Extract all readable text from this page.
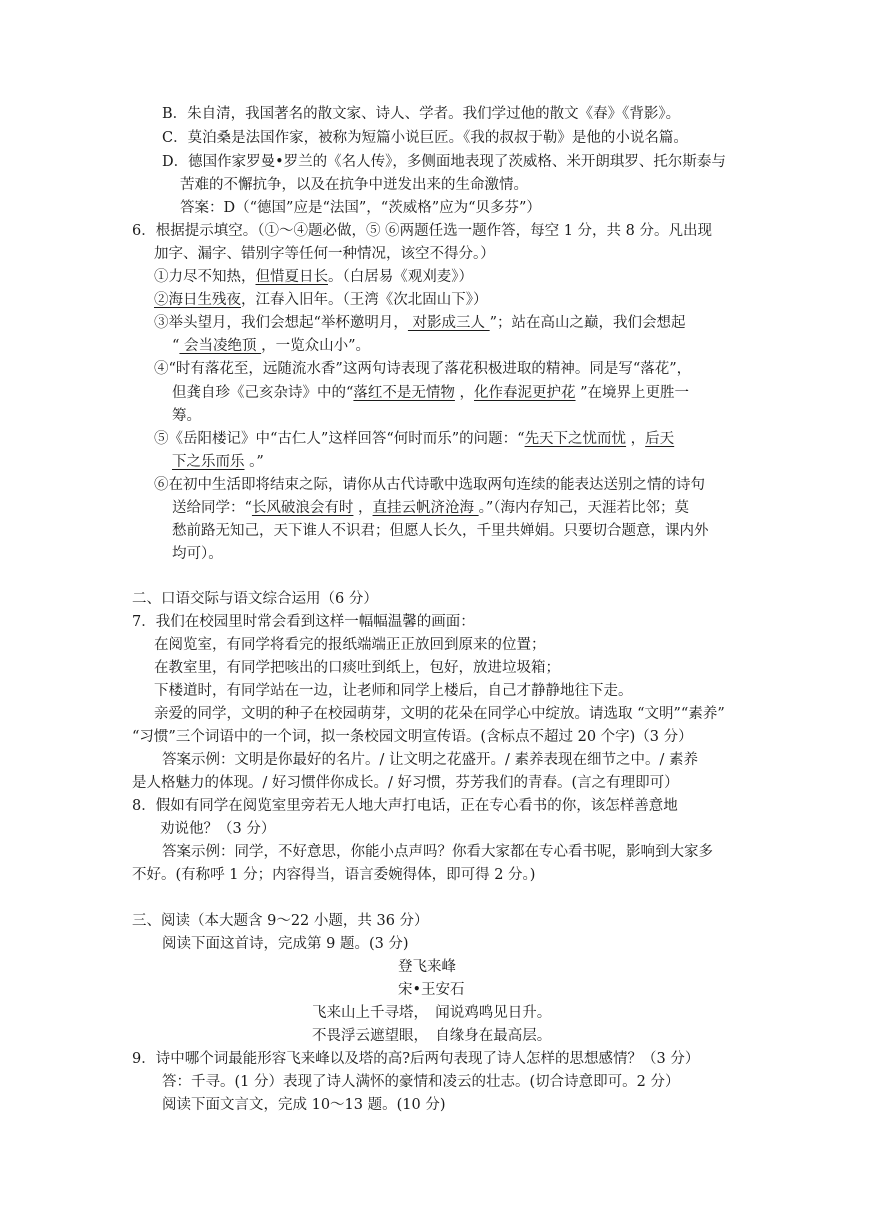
B．朱自清，我国著名的散文家、诗人、学者。我们学过他的散文《春》《背影》。
C．莫泊桑是法国作家，被称为短篇小说巨匠。《我的叔叔于勒》是他的小说名篇。
D．德国作家罗曼•罗兰的《名人传》，多侧面地表现了茨威格、米开朗琪罗、托尔斯泰与
苦难的不懈抗争，以及在抗争中迸发出来的生命激情。
答案：D（“德国”应是“法国”，“茨威格”应为“贝多芬”）
6．根据提示填空。（①～④题必做，⑤ ⑥两题任选一题作答，每空 1 分，共 8 分。凡出现
加字、漏字、错别字等任何一种情况，该空不得分。）
①力尽不知热，但惜夏日长。（白居易《观刈麦》）
②海日生残夜，江春入旧年。（王湾《次北固山下》）
③举头望月，我们会想起“举杯邀明月， 对影成三人 ”；站在高山之巅，我们会想起
“ 会当凌绝顶 ，一览众山小”。
④“时有落花至，远随流水香”这两句诗表现了落花积极进取的精神。同是写“落花”，
但龚自珍《己亥杂诗》中的“落红不是无情物 ，化作春泥更护花 ”在境界上更胜一
筹。
⑤《岳阳楼记》中“古仁人”这样回答“何时而乐”的问题：“先天下之忧而忧 ，后天
下之乐而乐 。”
⑥在初中生活即将结束之际，请你从古代诗歌中选取两句连续的能表达送别之情的诗句
送给同学：“长风破浪会有时 ，直挂云帆济沧海 。”（海内存知己，天涯若比邻；莫
愁前路无知己，天下谁人不识君；但愿人长久，千里共婵娟。只要切合题意，课内外
均可）。
二、口语交际与语文综合运用（6 分）
7．我们在校园里时常会看到这样一幅幅温馨的画面：
在阅览室，有同学将看完的报纸端端正正放回到原来的位置；
在教室里，有同学把咳出的口痰吐到纸上，包好，放进垃圾箱；
下楼道时，有同学站在一边，让老师和同学上楼后，自己才静静地往下走。
亲爱的同学，文明的种子在校园萌芽，文明的花朵在同学心中绽放。请选取 “文明”“素养”
“习惯”三个词语中的一个词，拟一条校园文明宣传语。(含标点不超过 20 个字)（3 分）
答案示例：文明是你最好的名片。/ 让文明之花盛开。/ 素养表现在细节之中。/ 素养
是人格魅力的体现。/ 好习惯伴你成长。/ 好习惯，芬芳我们的青春。(言之有理即可）
8．假如有同学在阅览室里旁若无人地大声打电话，正在专心看书的你，该怎样善意地
劝说他？（3 分）
答案示例：同学，不好意思，你能小点声吗？你看大家都在专心看书呢，影响到大家多
不好。(有称呼 1 分；内容得当，语言委婉得体，即可得 2 分。)
三、阅读（本大题含 9～22 小题，共 36 分）
阅读下面这首诗，完成第 9 题。(3 分)
登飞来峰
宋•王安石
飞来山上千寻塔，　闻说鸡鸣见日升。
不畏浮云遮望眼，　自缘身在最高层。
9．诗中哪个词最能形容飞来峰以及塔的高?后两句表现了诗人怎样的思想感情？（3 分）
答：千寻。(1 分）表现了诗人满怀的豪情和凌云的壮志。(切合诗意即可。2 分）
阅读下面文言文，完成 10～13 题。(10 分)
